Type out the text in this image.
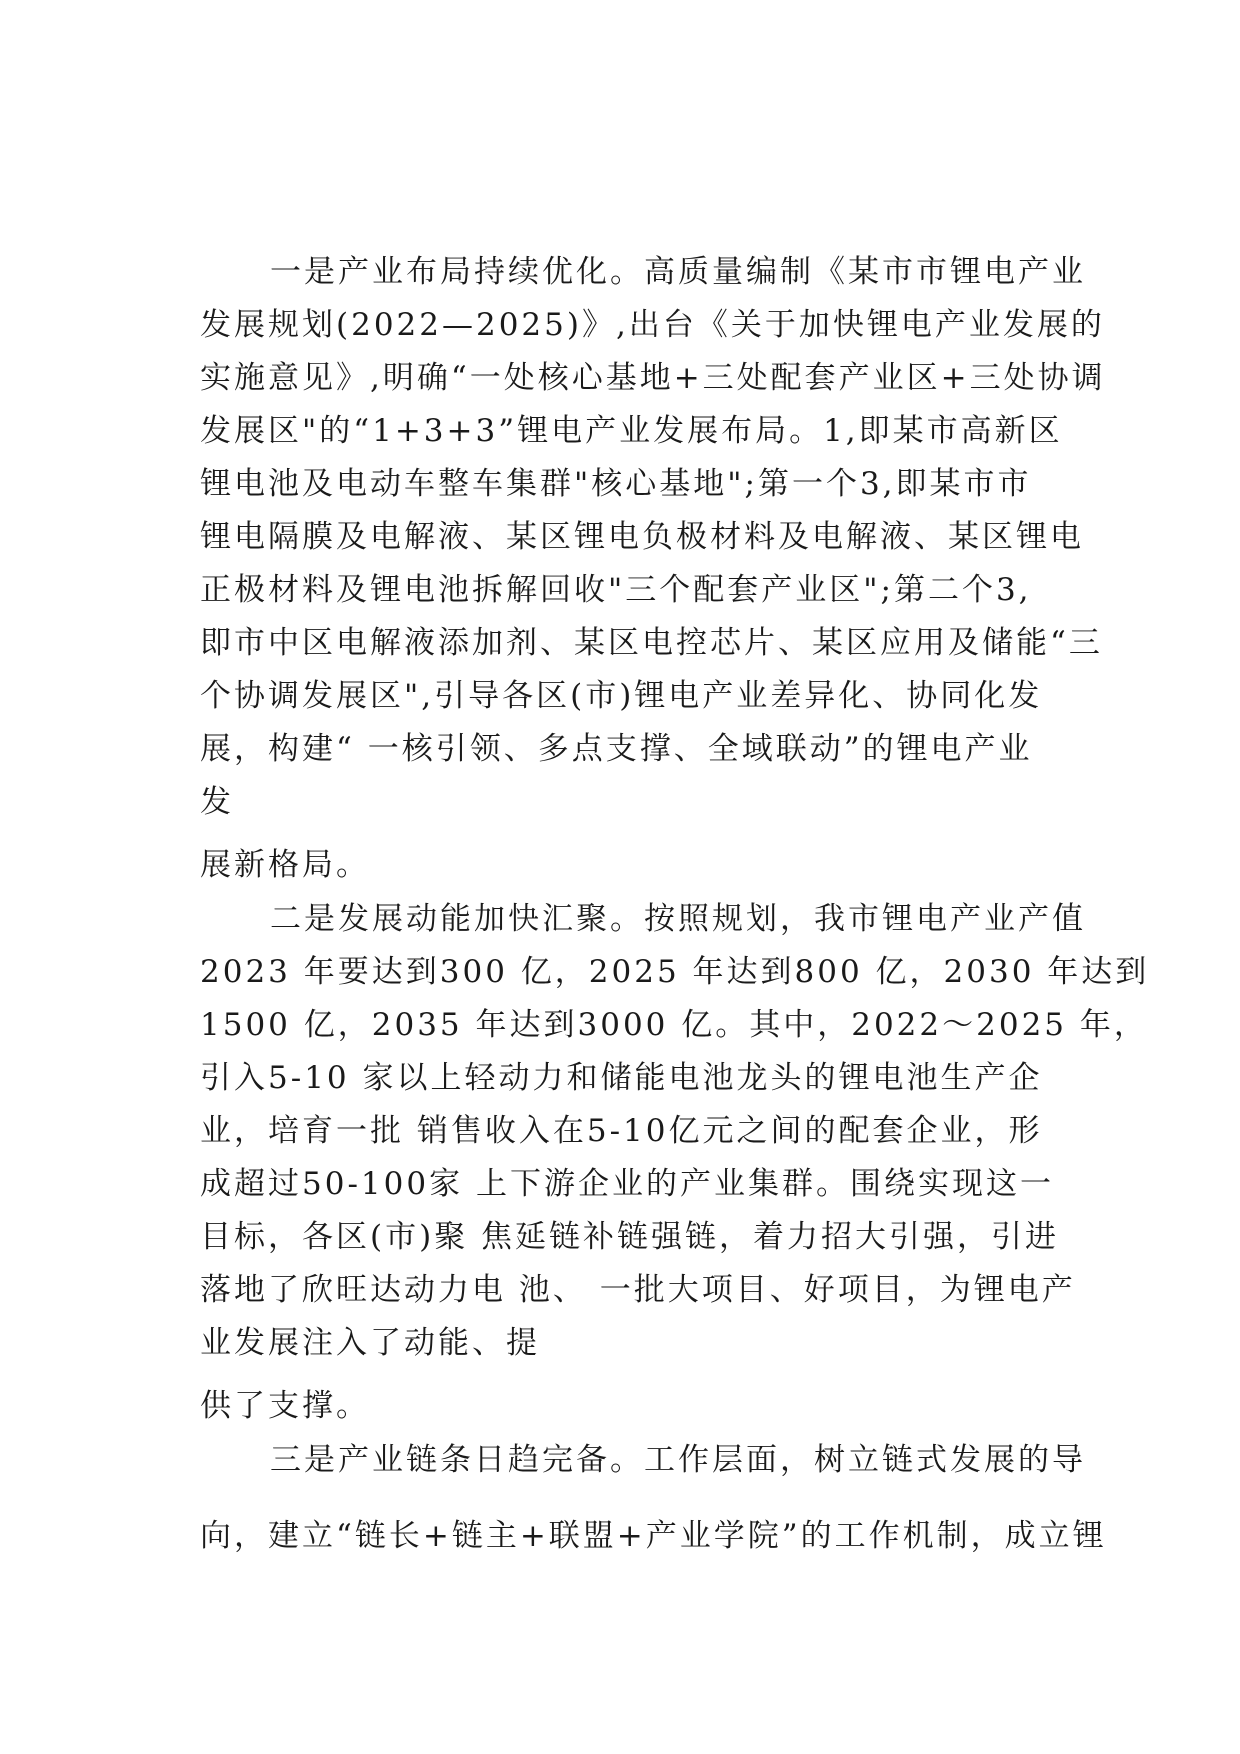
一是产业布局持续优化。高质量编制《某市市锂电产业
发展规划(2022—2025)》,出台《关于加快锂电产业发展的
实施意见》,明确“一处核心基地+三处配套产业区+三处协调
发展区"的“1+3+3”锂电产业发展布局。1,即某市高新区
锂电池及电动车整车集群"核心基地";第一个3,即某市市
锂电隔膜及电解液、某区锂电负极材料及电解液、某区锂电
正极材料及锂电池拆解回收"三个配套产业区";第二个3,
即市中区电解液添加剂、某区电控芯片、某区应用及储能“三
个协调发展区",引导各区(市)锂电产业差异化、协同化发
展，构建“ 一核引领、多点支撑、全域联动”的锂电产业
发
展新格局。
二是发展动能加快汇聚。按照规划，我市锂电产业产值
2023 年要达到300 亿，2025 年达到800 亿，2030 年达到
1500 亿，2035 年达到3000 亿。其中，2022～2025 年，
引入5-10 家以上轻动力和储能电池龙头的锂电池生产企
业，培育一批 销售收入在5-10亿元之间的配套企业，形
成超过50-100家 上下游企业的产业集群。围绕实现这一
目标，各区(市)聚 焦延链补链强链，着力招大引强，引进
落地了欣旺达动力电 池、 一批大项目、好项目，为锂电产
业发展注入了动能、提
供了支撑。
三是产业链条日趋完备。工作层面，树立链式发展的导
向，建立“链长+链主+联盟+产业学院”的工作机制，成立锂
